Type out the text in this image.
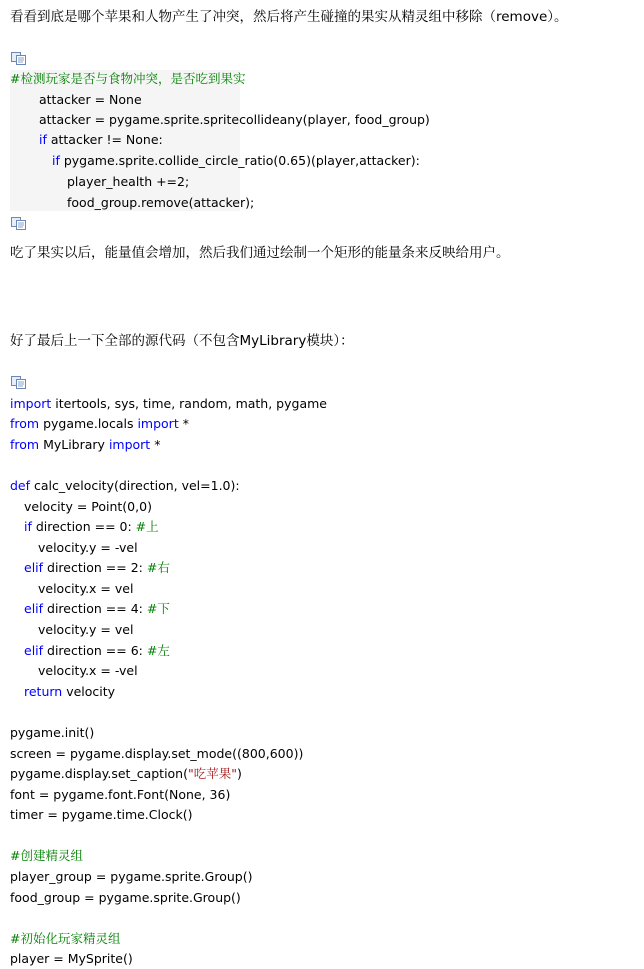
看看到底是哪个苹果和人物产生了冲突，然后将产生碰撞的果实从精灵组中移除（remove）。
#检测玩家是否与食物冲突，是否吃到果实
attacker = None
attacker = pygame.sprite.spritecollideany(player, food_group)
if attacker != None:
if pygame.sprite.collide_circle_ratio(0.65)(player,attacker):
player_health +=2;
food_group.remove(attacker);
吃了果实以后，能量值会增加，然后我们通过绘制一个矩形的能量条来反映给用户。
好了最后上一下全部的源代码（不包含MyLibrary模块）：
import itertools, sys, time, random, math, pygame
from pygame.locals import *
from MyLibrary import *
def calc_velocity(direction, vel=1.0):
velocity = Point(0,0)
if direction == 0: #上
velocity.y = -vel
elif direction == 2: #右
velocity.x = vel
elif direction == 4: #下
velocity.y = vel
elif direction == 6: #左
velocity.x = -vel
return velocity
pygame.init()
screen = pygame.display.set_mode((800,600))
pygame.display.set_caption("吃苹果")
font = pygame.font.Font(None, 36)
timer = pygame.time.Clock()
#创建精灵组
player_group = pygame.sprite.Group()
food_group = pygame.sprite.Group()
#初始化玩家精灵组
player = MySprite()
